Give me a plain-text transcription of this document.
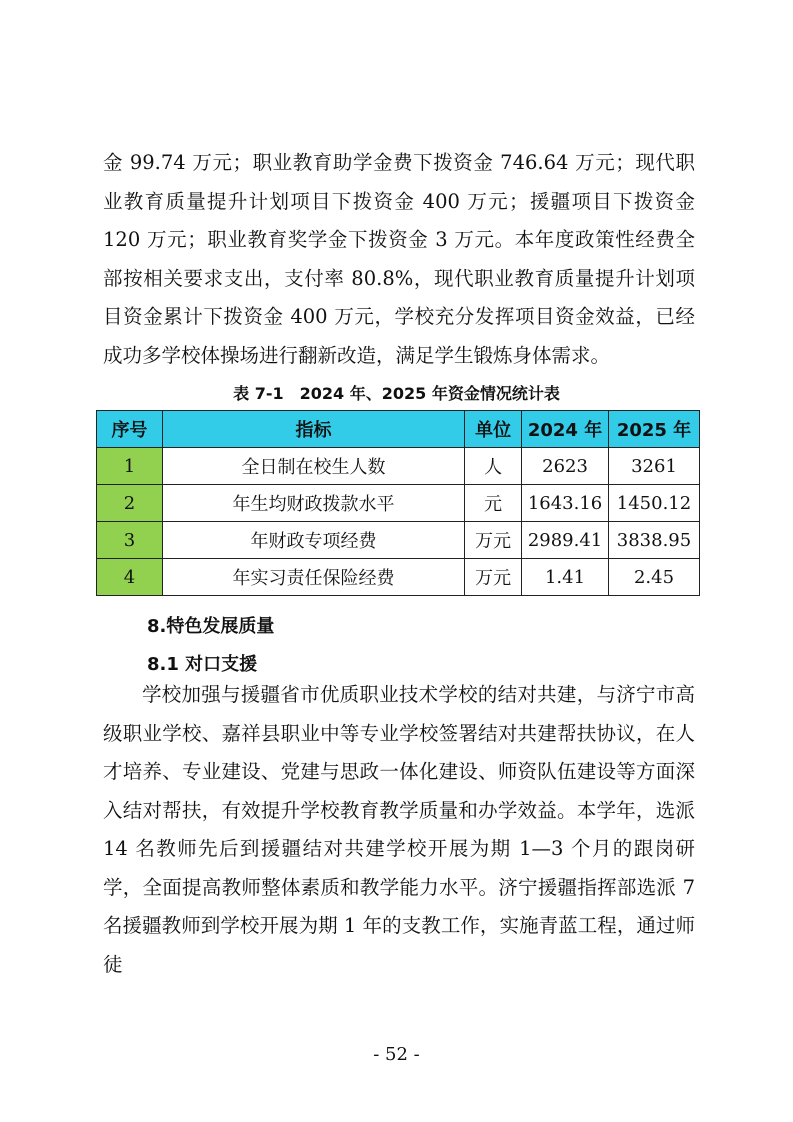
金 99.74 万元；职业教育助学金费下拨资金 746.64 万元；现代职业教育质量提升计划项目下拨资金 400 万元；援疆项目下拨资金 120 万元；职业教育奖学金下拨资金 3 万元。本年度政策性经费全部按相关要求支出，支付率 80.8%，现代职业教育质量提升计划项目资金累计下拨资金 400 万元，学校充分发挥项目资金效益，已经成功多学校体操场进行翻新改造，满足学生锻炼身体需求。

表 7-1　2024 年、2025 年资金情况统计表
序号	指标	单位	2024 年	2025 年
1	全日制在校生人数	人	2623	3261
2	年生均财政拨款水平	元	1643.16	1450.12
3	年财政专项经费	万元	2989.41	3838.95
4	年实习责任保险经费	万元	1.41	2.45
8.特色发展质量
8.1 对口支援

学校加强与援疆省市优质职业技术学校的结对共建，与济宁市高级职业学校、嘉祥县职业中等专业学校签署结对共建帮扶协议，在人才培养、专业建设、党建与思政一体化建设、师资队伍建设等方面深入结对帮扶，有效提升学校教育教学质量和办学效益。本学年，选派 14 名教师先后到援疆结对共建学校开展为期 1—3 个月的跟岗研学，全面提高教师整体素质和教学能力水平。济宁援疆指挥部选派 7 名援疆教师到学校开展为期 1 年的支教工作，实施青蓝工程，通过师徒

- 52 -
